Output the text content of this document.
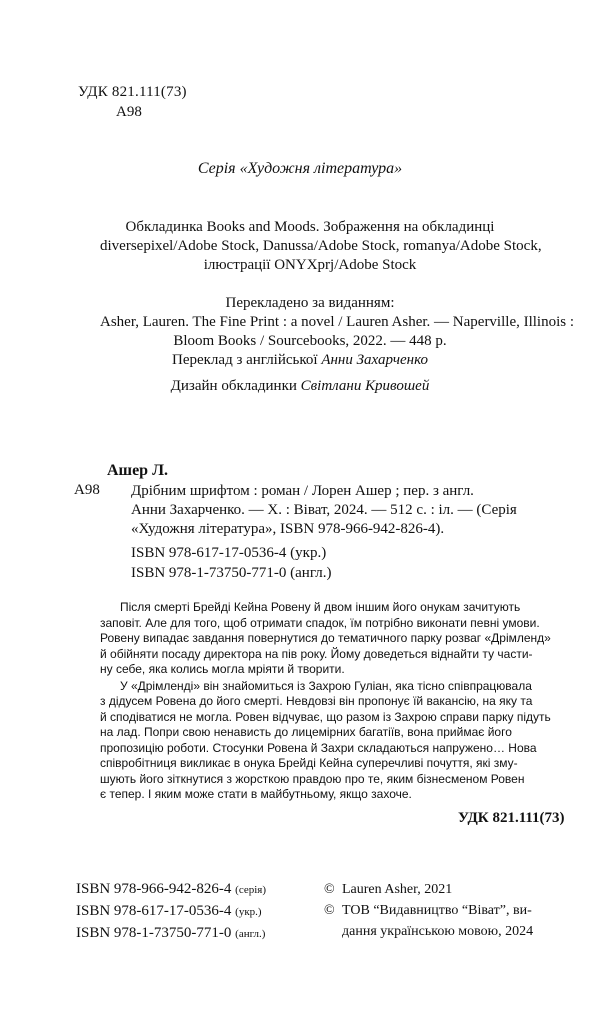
УДК 821.111(73)
А98
Серія «Художня література»
Обкладинка Books and Moods. Зображення на обкладинці
diversepixel/Adobe Stock, Danussa/Adobe Stock, romanya/Adobe Stock,
ілюстрації ONYXprj/Adobe Stock
Перекладено за виданням:
Asher, Lauren. The Fine Print : a novel / Lauren Asher. — Naperville, Illinois :
Bloom Books / Sourcebooks, 2022. — 448 p.
Переклад з англійської Анни Захарченко
Дизайн обкладинки Світлани Кривошей
Ашер Л.
А98 Дрібним шрифтом : роман / Лорен Ашер ; пер. з англ.
Анни Захарченко. — Х. : Віват, 2024. — 512 с. : іл. — (Серія
«Художня література», ISBN 978-966-942-826-4).
ISBN 978-617-17-0536-4 (укр.)
ISBN 978-1-73750-771-0 (англ.)

Після смерті Брейді Кейна Ровену й двом іншим його онукам зачитують
заповіт. Але для того, щоб отримати спадок, їм потрібно виконати певні умови.
Ровену випадає завдання повернутися до тематичного парку розваг «Дрімленд»
й обійняти посаду директора на пів року. Йому доведеться віднайти ту части-
ну себе, яка колись могла мріяти й творити.

У «Дрімленді» він знайомиться із Захрою Гуліан, яка тісно співпрацювала
з дідусем Ровена до його смерті. Невдовзі він пропонує їй вакансію, на яку та
й сподіватися не могла. Ровен відчуває, що разом із Захрою справи парку підуть
на лад. Попри свою ненависть до лицемірних багатіїв, вона приймає його
пропозицію роботи. Стосунки Ровена й Захри складаються напружено… Нова
співробітниця викликає в онука Брейді Кейна суперечливі почуття, які зму-
шують його зіткнутися з жорсткою правдою про те, яким бізнесменом Ровен
є тепер. І яким може стати в майбутньому, якщо захоче.

УДК 821.111(73)
ISBN 978-966-942-826-4 (серія)
ISBN 978-617-17-0536-4 (укр.)
ISBN 978-1-73750-771-0 (англ.)
© Lauren Asher, 2021
© ТОВ “Видавництво “Віват”, ви-
дання українською мовою, 2024
